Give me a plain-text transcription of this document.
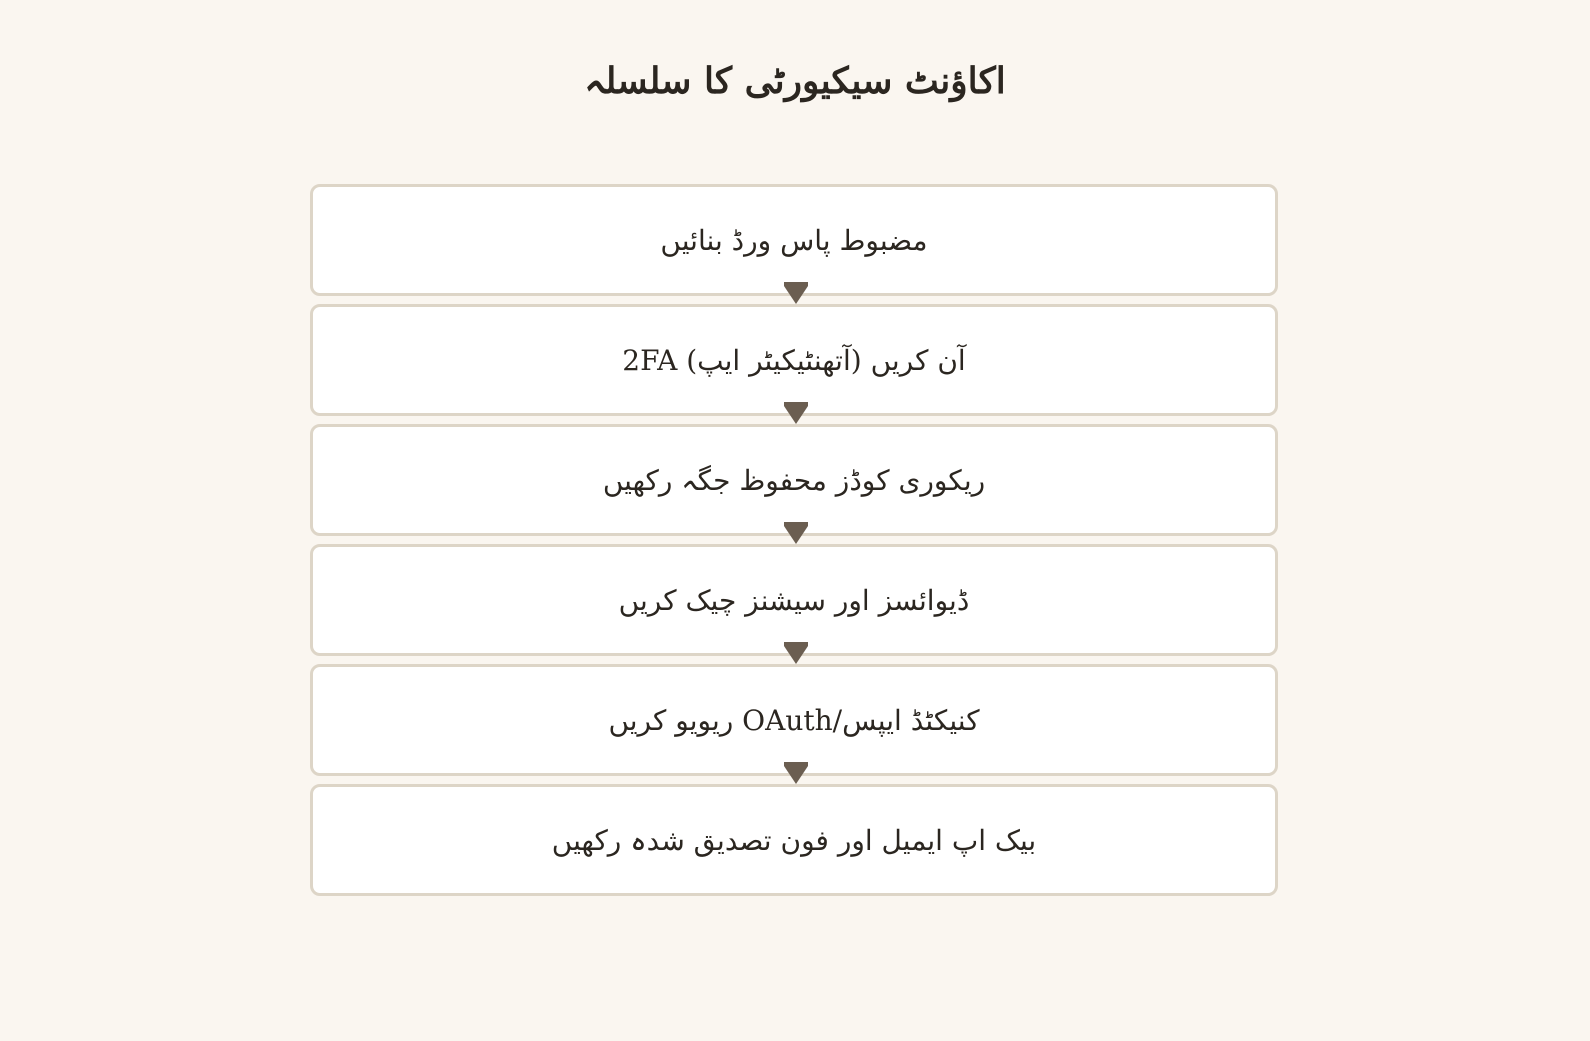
اکاؤنٹ سیکیورٹی کا سلسلہ
مضبوط پاس ورڈ بنائیں
2FA (آتھنٹیکیٹر ایپ) آن کریں
ریکوری کوڈز محفوظ جگہ رکھیں
ڈیوائسز اور سیشنز چیک کریں
کنیکٹڈ ایپس/OAuth ریویو کریں
بیک اپ ایمیل اور فون تصدیق شدہ رکھیں
